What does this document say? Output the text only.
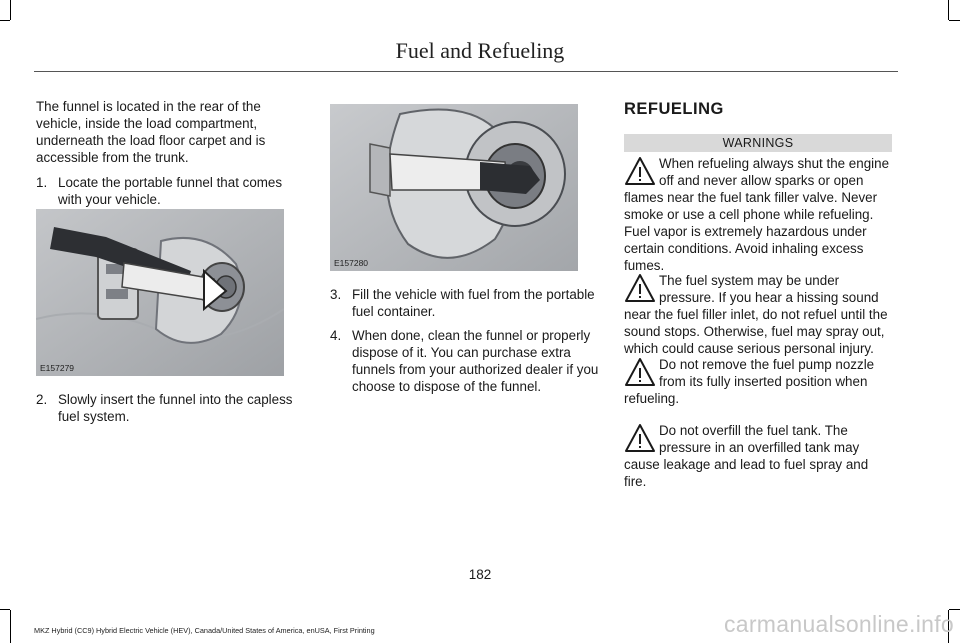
Fuel and Refueling

The funnel is located in the rear of the vehicle, inside the load compartment, underneath the load floor carpet and is accessible from the trunk.

1. Locate the portable funnel that comes with your vehicle.
E157279
2. Slowly insert the funnel into the capless fuel system.
E157280
3. Fill the vehicle with fuel from the portable fuel container.
4. When done, clean the funnel or properly dispose of it. You can purchase extra funnels from your authorized dealer if you choose to dispose of the funnel.
REFUELING
WARNINGS
When refueling always shut the engine off and never allow sparks or open flames near the fuel tank filler valve. Never smoke or use a cell phone while refueling. Fuel vapor is extremely hazardous under certain conditions. Avoid inhaling excess fumes.
The fuel system may be under pressure. If you hear a hissing sound near the fuel filler inlet, do not refuel until the sound stops. Otherwise, fuel may spray out, which could cause serious personal injury.
Do not remove the fuel pump nozzle from its fully inserted position when refueling.
Do not overfill the fuel tank. The pressure in an overfilled tank may cause leakage and lead to fuel spray and fire.
182
MKZ Hybrid (CC9) Hybrid Electric Vehicle (HEV), Canada/United States of America, enUSA, First Printing	carmanualsonline.info
